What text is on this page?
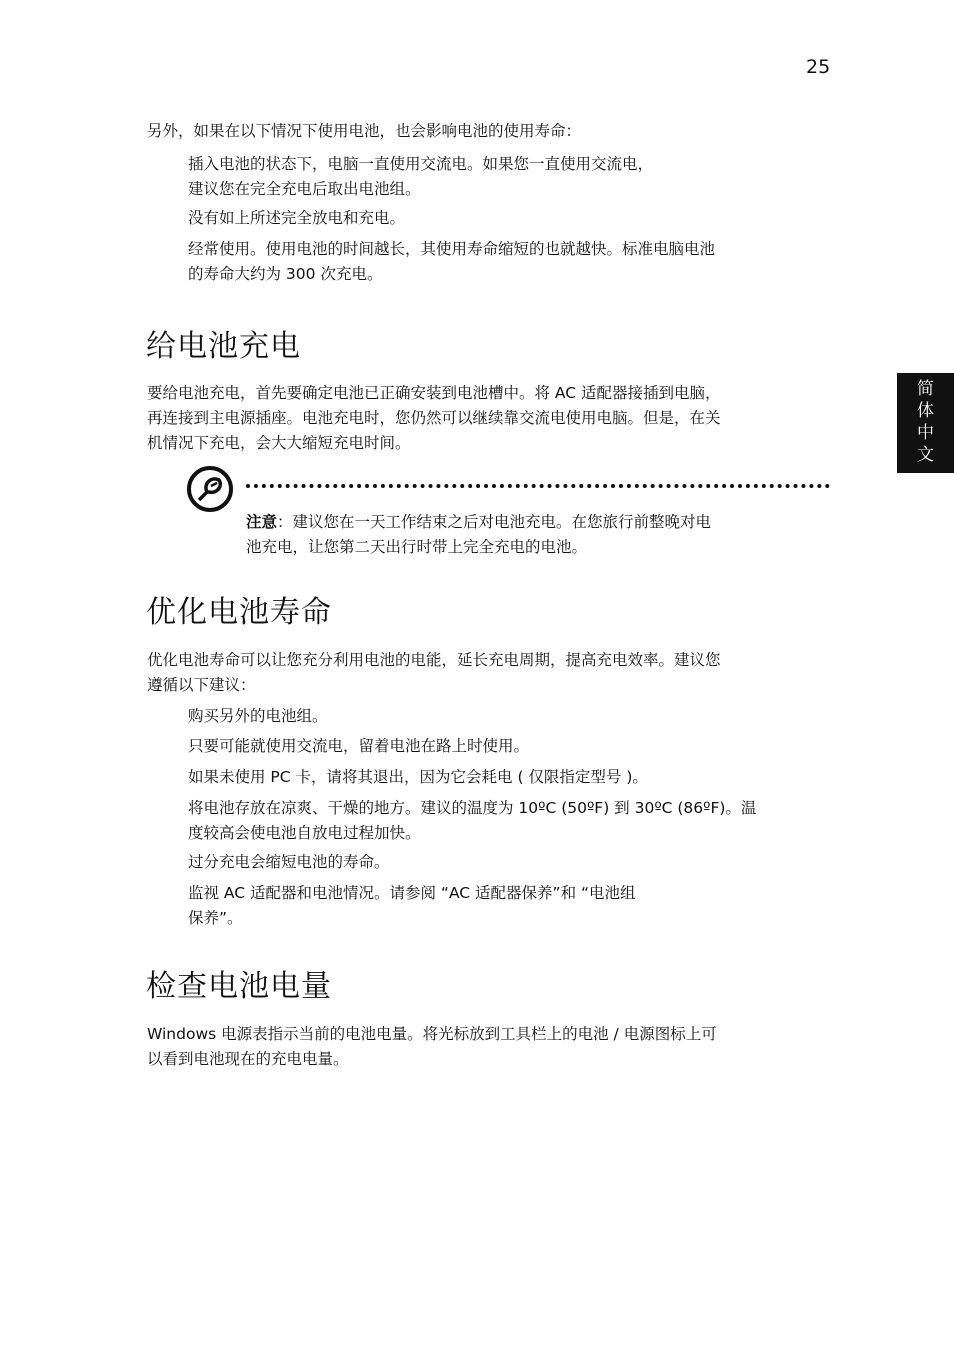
25
简
体
中
文

另外，如果在以下情况下使用电池，也会影响电池的使用寿命：

插入电池的状态下，电脑一直使用交流电。如果您一直使用交流电，

建议您在完全充电后取出电池组。

没有如上所述完全放电和充电。

经常使用。使用电池的时间越长，其使用寿命缩短的也就越快。标准电脑电池

的寿命大约为 300 次充电。

给电池充电

要给电池充电，首先要确定电池已正确安装到电池槽中。将 AC 适配器接插到电脑，

再连接到主电源插座。电池充电时，您仍然可以继续靠交流电使用电脑。但是，在关

机情况下充电，会大大缩短充电时间。

注意：建议您在一天工作结束之后对电池充电。在您旅行前整晚对电
池充电，让您第二天出行时带上完全充电的电池。
优化电池寿命

优化电池寿命可以让您充分利用电池的电能，延长充电周期，提高充电效率。建议您

遵循以下建议：

购买另外的电池组。

只要可能就使用交流电，留着电池在路上时使用。

如果未使用 PC 卡，请将其退出，因为它会耗电 ( 仅限指定型号 )。

将电池存放在凉爽、干燥的地方。建议的温度为 10ºC (50ºF) 到 30ºC (86ºF)。温

度较高会使电池自放电过程加快。

过分充电会缩短电池的寿命。

监视 AC 适配器和电池情况。请参阅 “AC 适配器保养”和 “电池组

保养”。

检查电池电量

Windows 电源表指示当前的电池电量。将光标放到工具栏上的电池 / 电源图标上可

以看到电池现在的充电电量。
